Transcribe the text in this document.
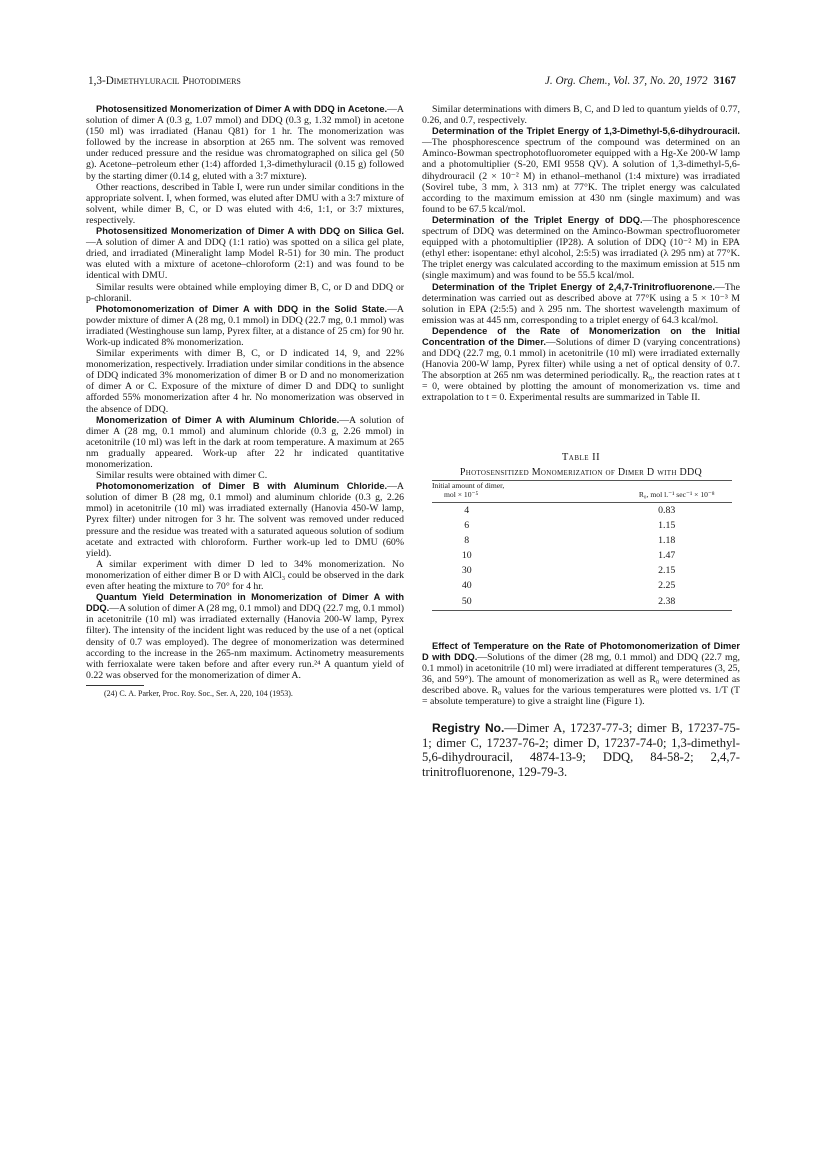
1,3-Dimethyluracil Photodimers	J. Org. Chem., Vol. 37, No. 20, 1972 3167

Photosensitized Monomerization of Dimer A with DDQ in Acetone.—A solution of dimer A (0.3 g, 1.07 mmol) and DDQ (0.3 g, 1.32 mmol) in acetone (150 ml) was irradiated (Hanau Q81) for 1 hr. The monomerization was followed by the increase in absorption at 265 nm. The solvent was removed under reduced pressure and the residue was chromatographed on silica gel (50 g). Acetone–petroleum ether (1:4) afforded 1,3-dimethyluracil (0.15 g) followed by the starting dimer (0.14 g, eluted with a 3:7 mixture).

Other reactions, described in Table I, were run under similar conditions in the appropriate solvent. I, when formed, was eluted after DMU with a 3:7 mixture of solvent, while dimer B, C, or D was eluted with 4:6, 1:1, or 3:7 mixtures, respectively.

Photosensitized Monomerization of Dimer A with DDQ on Silica Gel.—A solution of dimer A and DDQ (1:1 ratio) was spotted on a silica gel plate, dried, and irradiated (Mineralight lamp Model R-51) for 30 min. The product was eluted with a mixture of acetone–chloroform (2:1) and was found to be identical with DMU.

Similar results were obtained while employing dimer B, C, or D and DDQ or p-chloranil.

Photomonomerization of Dimer A with DDQ in the Solid State.—A powder mixture of dimer A (28 mg, 0.1 mmol) in DDQ (22.7 mg, 0.1 mmol) was irradiated (Westinghouse sun lamp, Pyrex filter, at a distance of 25 cm) for 90 hr. Work-up indicated 8% monomerization.

Similar experiments with dimer B, C, or D indicated 14, 9, and 22% monomerization, respectively. Irradiation under similar conditions in the absence of DDQ indicated 3% monomerization of dimer B or D and no monomerization of dimer A or C. Exposure of the mixture of dimer D and DDQ to sunlight afforded 55% monomerization after 4 hr. No monomerization was observed in the absence of DDQ.

Monomerization of Dimer A with Aluminum Chloride.—A solution of dimer A (28 mg, 0.1 mmol) and aluminum chloride (0.3 g, 2.26 mmol) in acetonitrile (10 ml) was left in the dark at room temperature. A maximum at 265 nm gradually appeared. Work-up after 22 hr indicated quantitative monomerization.

Similar results were obtained with dimer C.

Photomonomerization of Dimer B with Aluminum Chloride.—A solution of dimer B (28 mg, 0.1 mmol) and aluminum chloride (0.3 g, 2.26 mmol) in acetonitrile (10 ml) was irradiated externally (Hanovia 450-W lamp, Pyrex filter) under nitrogen for 3 hr. The solvent was removed under reduced pressure and the residue was treated with a saturated aqueous solution of sodium acetate and extracted with chloroform. Further work-up led to DMU (60% yield).

A similar experiment with dimer D led to 34% monomerization. No monomerization of either dimer B or D with AlCl₃ could be observed in the dark even after heating the mixture to 70° for 4 hr.

Quantum Yield Determination in Monomerization of Dimer A with DDQ.—A solution of dimer A (28 mg, 0.1 mmol) and DDQ (22.7 mg, 0.1 mmol) in acetonitrile (10 ml) was irradiated externally (Hanovia 200-W lamp, Pyrex filter). The intensity of the incident light was reduced by the use of a net (optical density of 0.7 was employed). The degree of monomerization was determined according to the increase in the 265-nm maximum. Actinometry measurements with ferrioxalate were taken before and after every run.²⁴ A quantum yield of 0.22 was observed for the monomerization of dimer A.

(24) C. A. Parker, Proc. Roy. Soc., Ser. A, 220, 104 (1953).

Similar determinations with dimers B, C, and D led to quantum yields of 0.77, 0.26, and 0.7, respectively.

Determination of the Triplet Energy of 1,3-Dimethyl-5,6-dihydrouracil.—The phosphorescence spectrum of the compound was determined on an Aminco-Bowman spectrophotofluorometer equipped with a Hg-Xe 200-W lamp and a photomultiplier (S-20, EMI 9558 QV). A solution of 1,3-dimethyl-5,6-dihydrouracil (2 × 10⁻² M) in ethanol–methanol (1:4 mixture) was irradiated (Sovirel tube, 3 mm, λ 313 nm) at 77°K. The triplet energy was calculated according to the maximum emission at 430 nm (single maximum) and was found to be 67.5 kcal/mol.

Determination of the Triplet Energy of DDQ.—The phosphorescence spectrum of DDQ was determined on the Aminco-Bowman spectrofluorometer equipped with a photomultiplier (IP28). A solution of DDQ (10⁻² M) in EPA (ethyl ether: isopentane: ethyl alcohol, 2:5:5) was irradiated (λ 295 nm) at 77°K. The triplet energy was calculated according to the maximum emission at 515 nm (single maximum) and was found to be 55.5 kcal/mol.

Determination of the Triplet Energy of 2,4,7-Trinitrofluorenone.—The determination was carried out as described above at 77°K using a 5 × 10⁻³ M solution in EPA (2:5:5) and λ 295 nm. The shortest wavelength maximum of emission was at 445 nm, corresponding to a triplet energy of 64.3 kcal/mol.

Dependence of the Rate of Monomerization on the Initial Concentration of the Dimer.—Solutions of dimer D (varying concentrations) and DDQ (22.7 mg, 0.1 mmol) in acetonitrile (10 ml) were irradiated externally (Hanovia 200-W lamp, Pyrex filter) while using a net of optical density of 0.7. The absorption at 265 nm was determined periodically. R₀, the reaction rates at t = 0, were obtained by plotting the amount of monomerization vs. time and extrapolation to t = 0. Experimental results are summarized in Table II.

Table II
Photosensitized Monomerization of Dimer D with DDQ
Initial amount of dimer,
mol × 10⁻⁵	R₀, mol l.⁻¹ sec⁻¹ × 10⁻⁸
4	0.83
6	1.15
8	1.18
10	1.47
30	2.15
40	2.25
50	2.38

Effect of Temperature on the Rate of Photomonomerization of Dimer D with DDQ.—Solutions of the dimer (28 mg, 0.1 mmol) and DDQ (22.7 mg, 0.1 mmol) in acetonitrile (10 ml) were irradiated at different temperatures (3, 25, 36, and 59°). The amount of monomerization as well as R₀ were determined as described above. R₀ values for the various temperatures were plotted vs. 1/T (T = absolute temperature) to give a straight line (Figure 1).

Registry No.—Dimer A, 17237-77-3; dimer B, 17237-75-1; dimer C, 17237-76-2; dimer D, 17237-74-0; 1,3-dimethyl-5,6-dihydrouracil, 4874-13-9; DDQ, 84-58-2; 2,4,7-trinitrofluorenone, 129-79-3.
